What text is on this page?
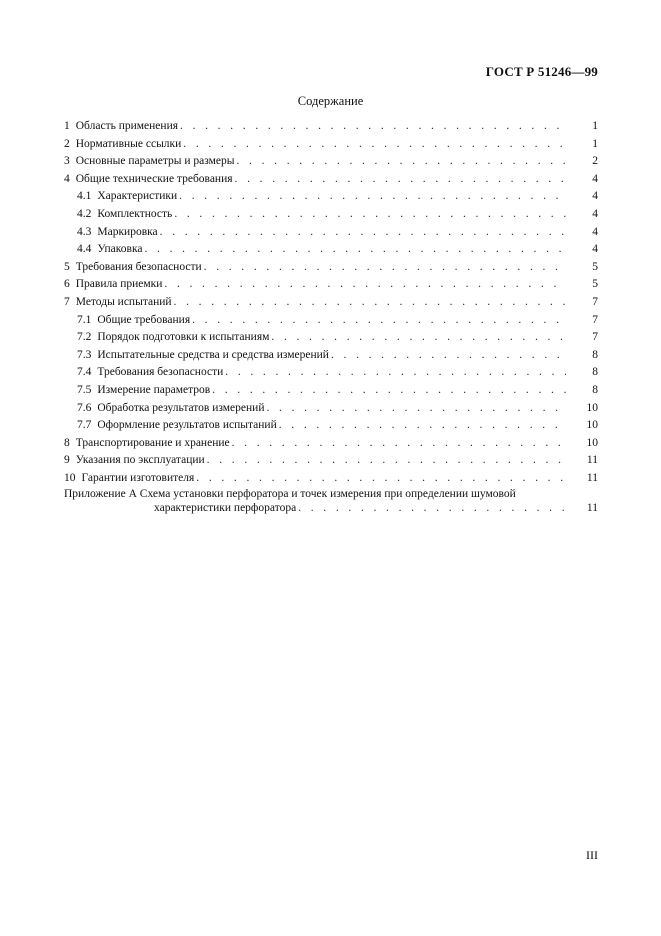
ГОСТ Р 51246—99
Содержание
1 Область применения . . .	1
2 Нормативные ссылки . . .	1
3 Основные параметры и размеры . . .	2
4 Общие технические требования . . .	4
4.1 Характеристики . . .	4
4.2 Комплектность . . .	4
4.3 Маркировка . . .	4
4.4 Упаковка . . .	4
5 Требования безопасности . . .	5
6 Правила приемки . . .	5
7 Методы испытаний . . .	7
7.1 Общие требования . . .	7
7.2 Порядок подготовки к испытаниям . . .	7
7.3 Испытательные средства и средства измерений . . .	8
7.4 Требования безопасности . . .	8
7.5 Измерение параметров . . .	8
7.6 Обработка результатов измерений . . .	10
7.7 Оформление результатов испытаний . . .	10
8 Транспортирование и хранение . . .	10
9 Указания по эксплуатации . . .	11
10 Гарантии изготовителя . . .	11
Приложение А Схема установки перфоратора и точек измерения при определении шумовой
характеристики перфоратора . . .	11
III
